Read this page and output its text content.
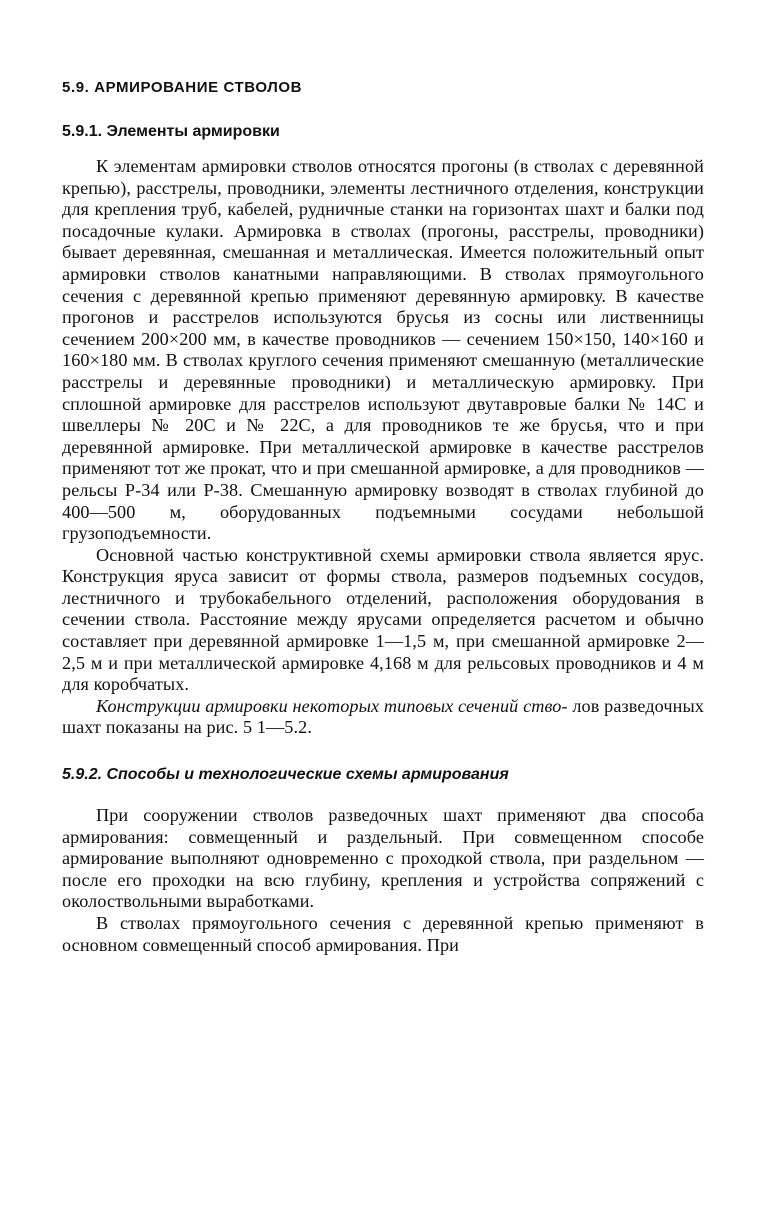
5.9. АРМИРОВАНИЕ СТВОЛОВ
5.9.1. Элементы армировки

К элементам армировки стволов относятся прогоны (в стволах с деревянной крепью), расстрелы, проводники, элементы лестничного отделения, конструкции для крепления труб, кабелей, рудничные станки на горизонтах шахт и балки под посадочные кулаки. Армировка в стволах (прогоны, расстрелы, проводники) бывает деревянная, смешанная и металлическая. Имеется положительный опыт армировки стволов канатными направляющими. В стволах прямоугольного сечения с деревянной крепью применяют деревянную армировку. В качестве прогонов и расстрелов используются брусья из сосны или лиственницы сечением 200×200 мм, в качестве проводников — сечением 150×150, 140×160 и 160×180 мм. В стволах круглого сечения применяют смешанную (металлические расстрелы и деревянные проводники) и металлическую армировку. При сплошной армировке для расстрелов используют двутавровые балки № 14С и швеллеры № 20С и № 22С, а для проводников те же брусья, что и при деревянной армировке. При металлической армировке в качестве расстрелов применяют тот же прокат, что и при смешанной армировке, а для проводников — рельсы Р-34 или Р-38. Смешанную армировку возводят в стволах глубиной до 400—500 м, оборудованных подъемными сосудами небольшой грузоподъемности.

Основной частью конструктивной схемы армировки ствола является ярус. Конструкция яруса зависит от формы ствола, размеров подъемных сосудов, лестничного и трубокабельного отделений, расположения оборудования в сечении ствола. Расстояние между ярусами определяется расчетом и обычно составляет при деревянной армировке 1—1,5 м, при смешанной армировке 2—2,5 м и при металлической армировке 4,168 м для рельсовых проводников и 4 м для коробчатых.

Конструкции армировки некоторых типовых сечений ство- лов разведочных шахт показаны на рис. 5 1—5.2.

5.9.2. Способы и технологические схемы армирования

При сооружении стволов разведочных шахт применяют два способа армирования: совмещенный и раздельный. При совмещенном способе армирование выполняют одновременно с проходкой ствола, при раздельном — после его проходки на всю глубину, крепления и устройства сопряжений с околоствольными выработками.

В стволах прямоугольного сечения с деревянной крепью применяют в основном совмещенный способ армирования. При
